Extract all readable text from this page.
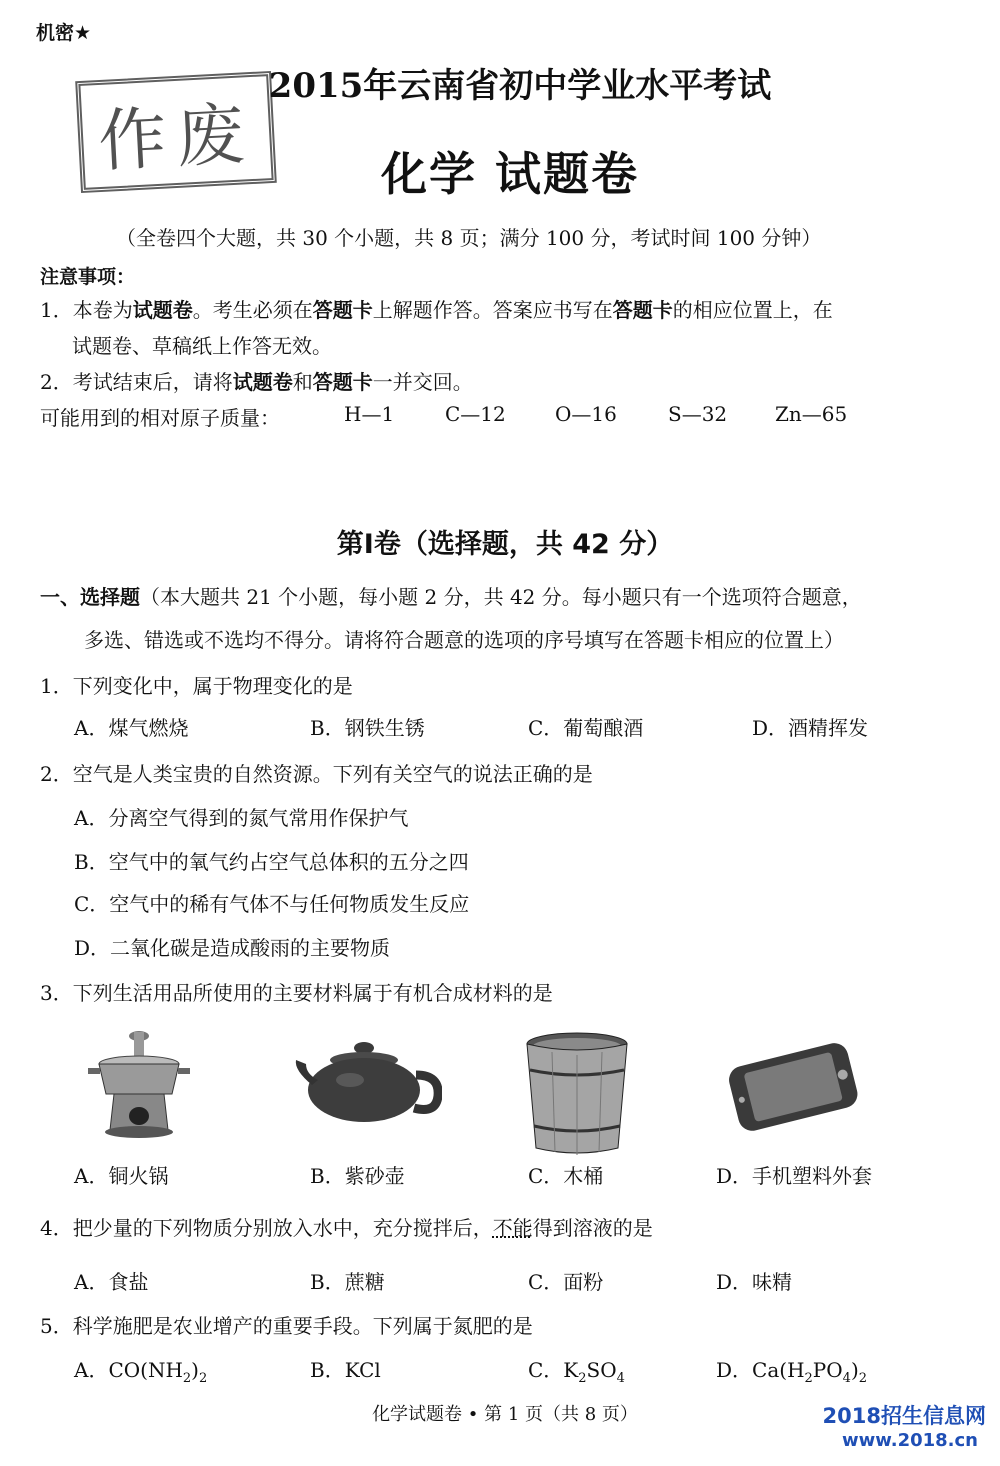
机密★
作废
2015年云南省初中学业水平考试
化学 试题卷
（全卷四个大题，共 30 个小题，共 8 页；满分 100 分，考试时间 100 分钟）
注意事项：
1．本卷为试题卷。考生必须在答题卡上解题作答。答案应书写在答题卡的相应位置上，在
试题卷、草稿纸上作答无效。
2．考试结束后，请将试题卷和答题卡一并交回。
可能用到的相对原子质量：	H—1	C—12 O—16	S—32 Zn—65
第Ⅰ卷（选择题，共 42 分）
一、选择题（本大题共 21 个小题，每小题 2 分，共 42 分。每小题只有一个选项符合题意，
多选、错选或不选均不得分。请将符合题意的选项的序号填写在答题卡相应的位置上）
1．下列变化中，属于物理变化的是
A．煤气燃烧	B．钢铁生锈	C．葡萄酿酒	D．酒精挥发
2．空气是人类宝贵的自然资源。下列有关空气的说法正确的是
A．分离空气得到的氮气常用作保护气
B．空气中的氧气约占空气总体积的五分之四
C．空气中的稀有气体不与任何物质发生反应
D．二氧化碳是造成酸雨的主要物质
3．下列生活用品所使用的主要材料属于有机合成材料的是
A．铜火锅	B．紫砂壶	C．木桶	D．手机塑料外套
4．把少量的下列物质分别放入水中，充分搅拌后，不能得到溶液的是
A．食盐	B．蔗糖	C．面粉	D．味精
5．科学施肥是农业增产的重要手段。下列属于氮肥的是
A．$CO(NH_2)_2$	B．KCl	C．$K_2SO_4$	D．$Ca(H_2PO_4)_2$
化学试题卷 • 第 1 页（共 8 页）	2018招生信息网
www.2018.cn
